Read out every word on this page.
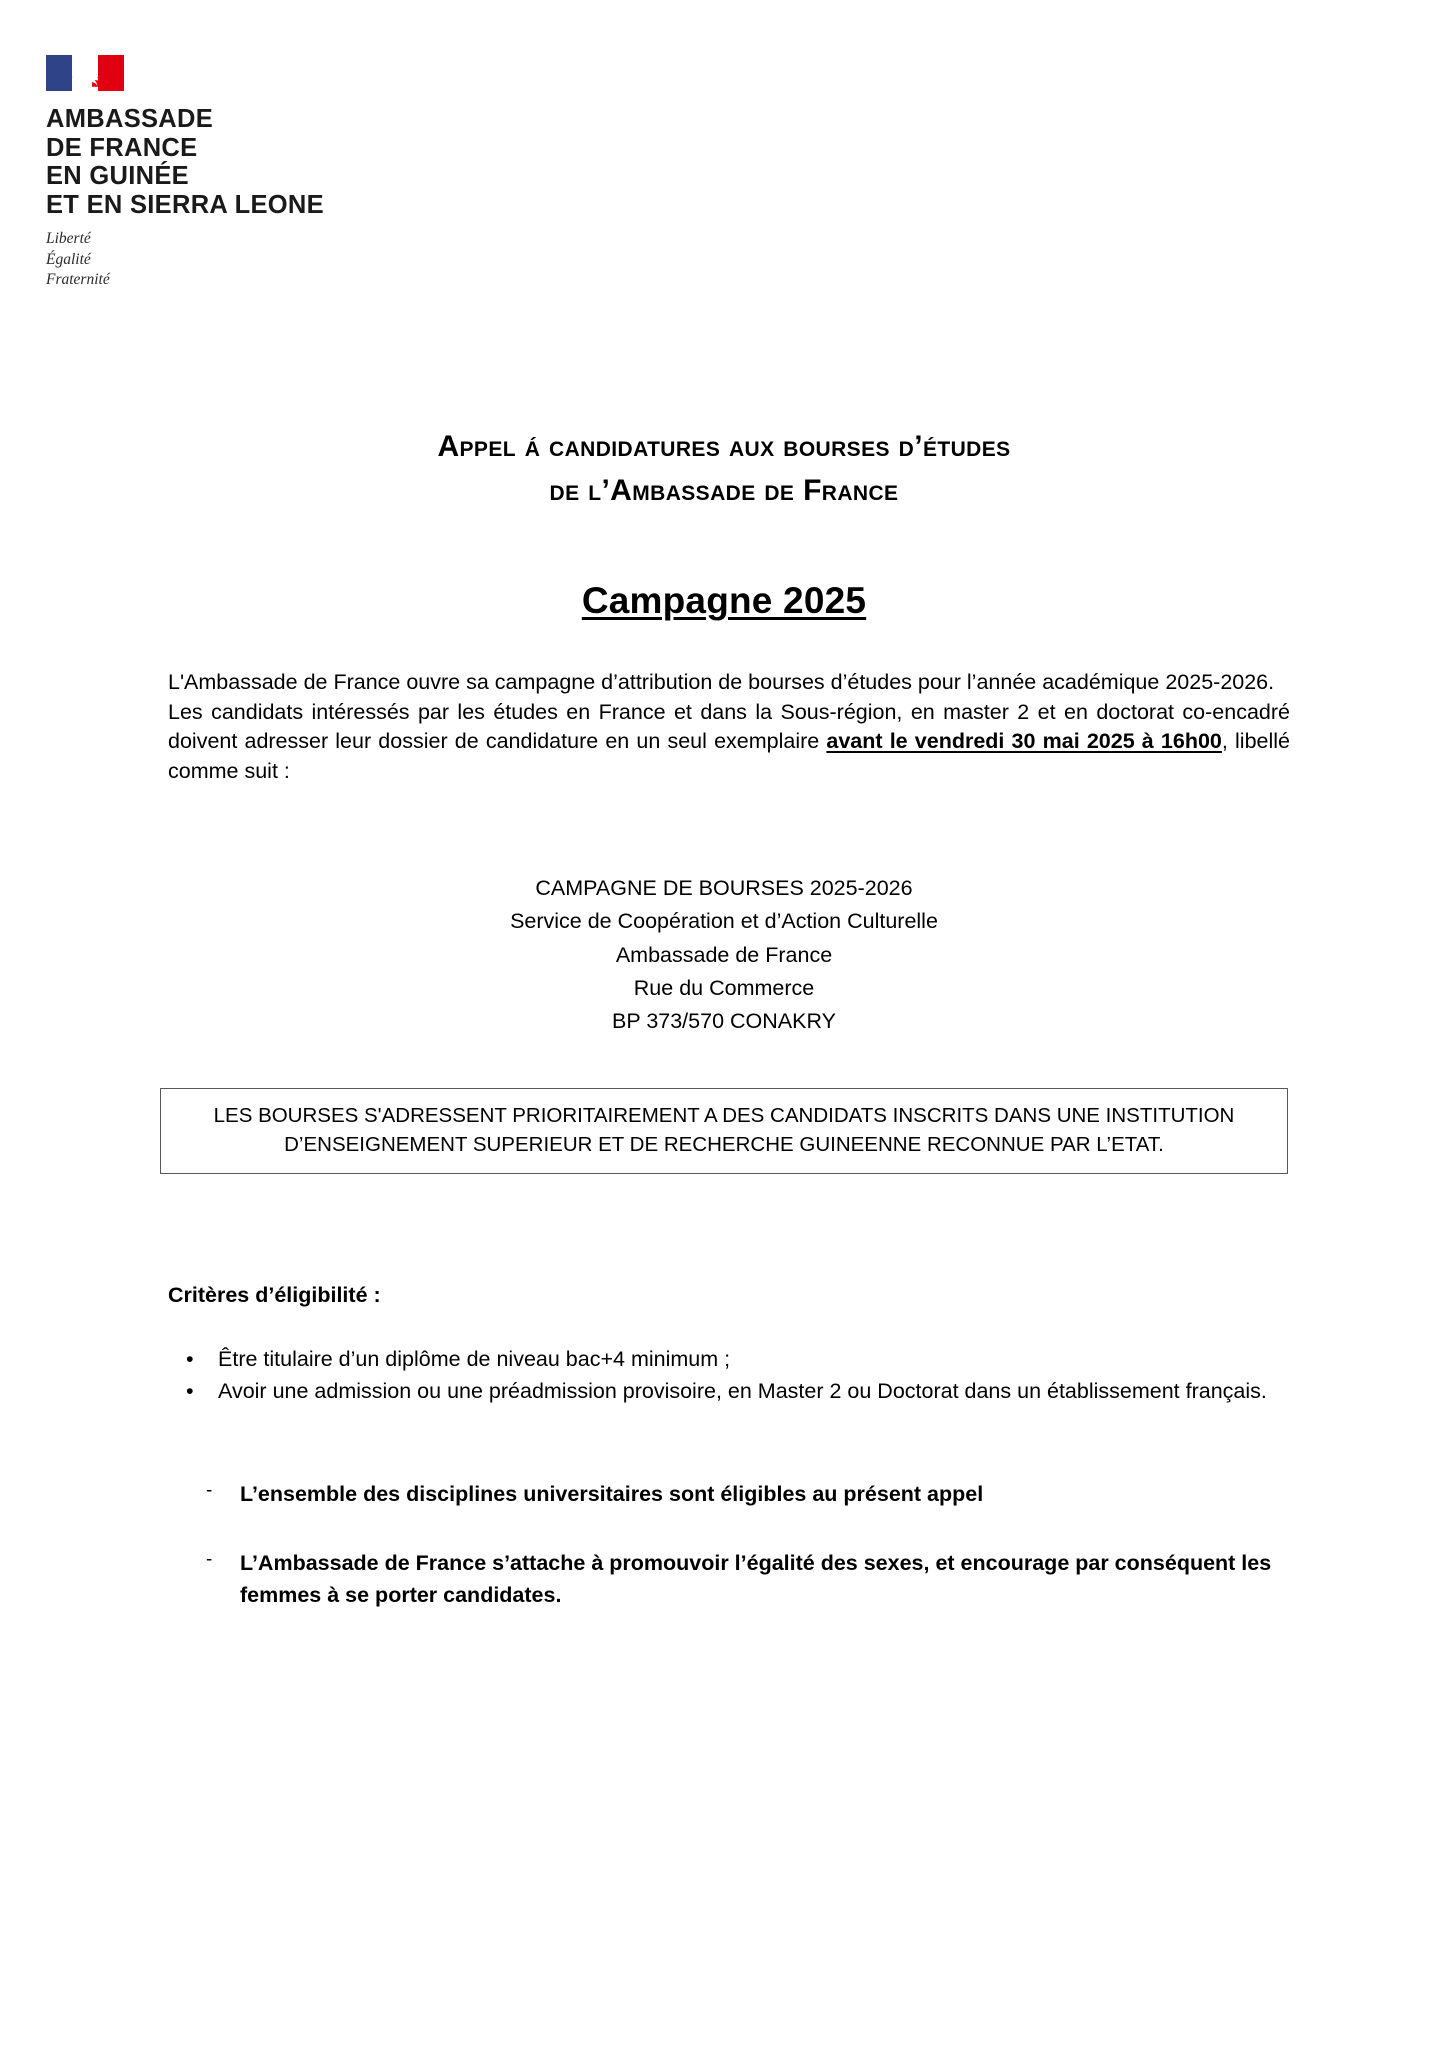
AMBASSADE
DE FRANCE
EN GUINÉE
ET EN SIERRA LEONE
Liberté
Égalité
Fraternité
Appel á candidatures aux bourses d’études
de l’Ambassade de France
Campagne 2025

L'Ambassade de France ouvre sa campagne d’attribution de bourses d’études pour l’année académique 2025-2026.

Les candidats intéressés par les études en France et dans la Sous-région, en master 2 et en doctorat co-encadré doivent adresser leur dossier de candidature en un seul exemplaire avant le vendredi 30 mai 2025 à 16h00, libellé comme suit :

CAMPAGNE DE BOURSES 2025-2026
Service de Coopération et d’Action Culturelle
Ambassade de France
Rue du Commerce
BP 373/570 CONAKRY
LES BOURSES S'ADRESSENT PRIORITAIREMENT A DES CANDIDATS INSCRITS DANS UNE INSTITUTION D’ENSEIGNEMENT SUPERIEUR ET DE RECHERCHE GUINEENNE RECONNUE PAR L’ETAT.
Critères d’éligibilité :
• Être titulaire d’un diplôme de niveau bac+4 minimum ;
• Avoir une admission ou une préadmission provisoire, en Master 2 ou Doctorat dans un établissement français.
- L’ensemble des disciplines universitaires sont éligibles au présent appel
- L’Ambassade de France s’attache à promouvoir l’égalité des sexes, et encourage par conséquent les femmes à se porter candidates.
